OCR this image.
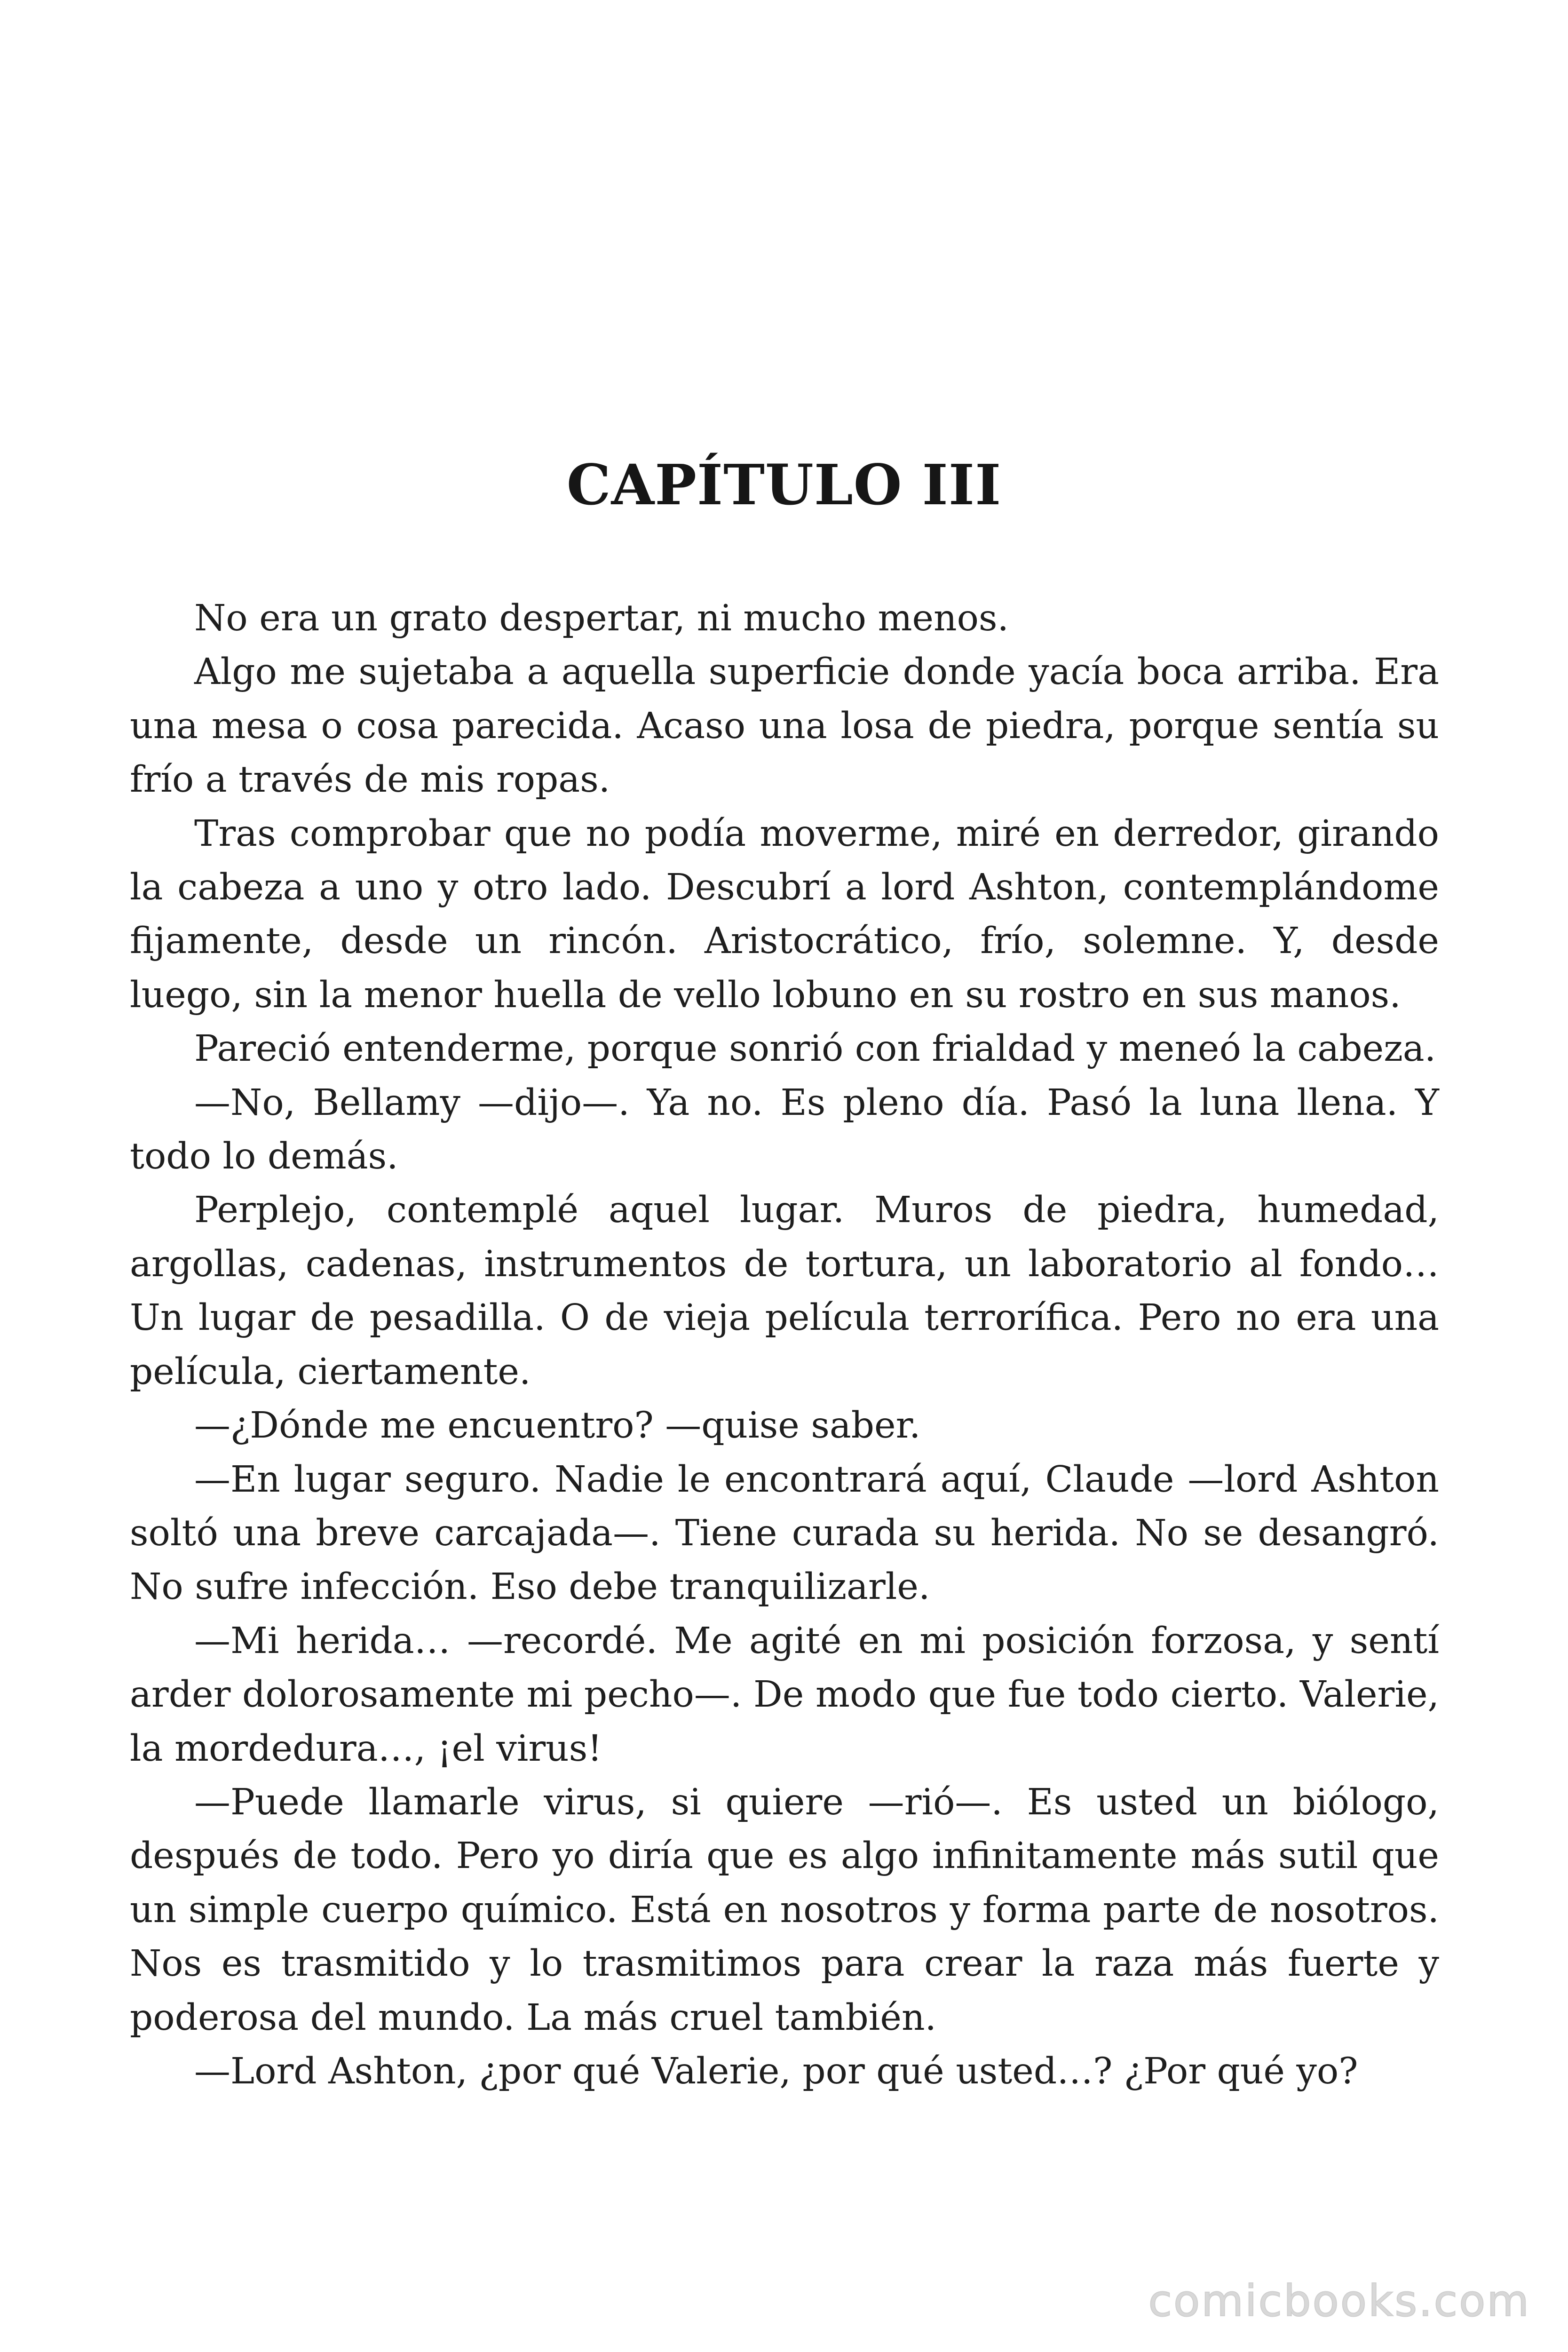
CAPÍTULO III

No era un grato despertar, ni mucho menos.

Algo me sujetaba a aquella superficie donde yacía boca arriba. Era una mesa o cosa parecida. Acaso una losa de piedra, porque sentía su frío a través de mis ropas.

Tras comprobar que no podía moverme, miré en derredor, girando la cabeza a uno y otro lado. Descubrí a lord Ashton, contemplándome fijamente, desde un rincón. Aristocrático, frío, solemne. Y, desde luego, sin la menor huella de vello lobuno en su rostro en sus manos.

Pareció entenderme, porque sonrió con frialdad y meneó la cabeza.

—No, Bellamy —dijo—. Ya no. Es pleno día. Pasó la luna llena. Y todo lo demás.

Perplejo, contemplé aquel lugar. Muros de piedra, humedad, argollas, cadenas, instrumentos de tortura, un laboratorio al fondo… Un lugar de pesadilla. O de vieja película terrorífica. Pero no era una película, ciertamente.

—¿Dónde me encuentro? —quise saber.

—En lugar seguro. Nadie le encontrará aquí, Claude —lord Ashton soltó una breve carcajada—. Tiene curada su herida. No se desangró. No sufre infección. Eso debe tranquilizarle.

—Mi herida… —recordé. Me agité en mi posición forzosa, y sentí arder dolorosamente mi pecho—. De modo que fue todo cierto. Valerie, la mordedura…, ¡el virus!

—Puede llamarle virus, si quiere —rió—. Es usted un biólogo, después de todo. Pero yo diría que es algo infinitamente más sutil que un simple cuerpo químico. Está en nosotros y forma parte de nosotros. Nos es trasmitido y lo trasmitimos para crear la raza más fuerte y poderosa del mundo. La más cruel también.

—Lord Ashton, ¿por qué Valerie, por qué usted…? ¿Por qué yo?

comicbooks.com
